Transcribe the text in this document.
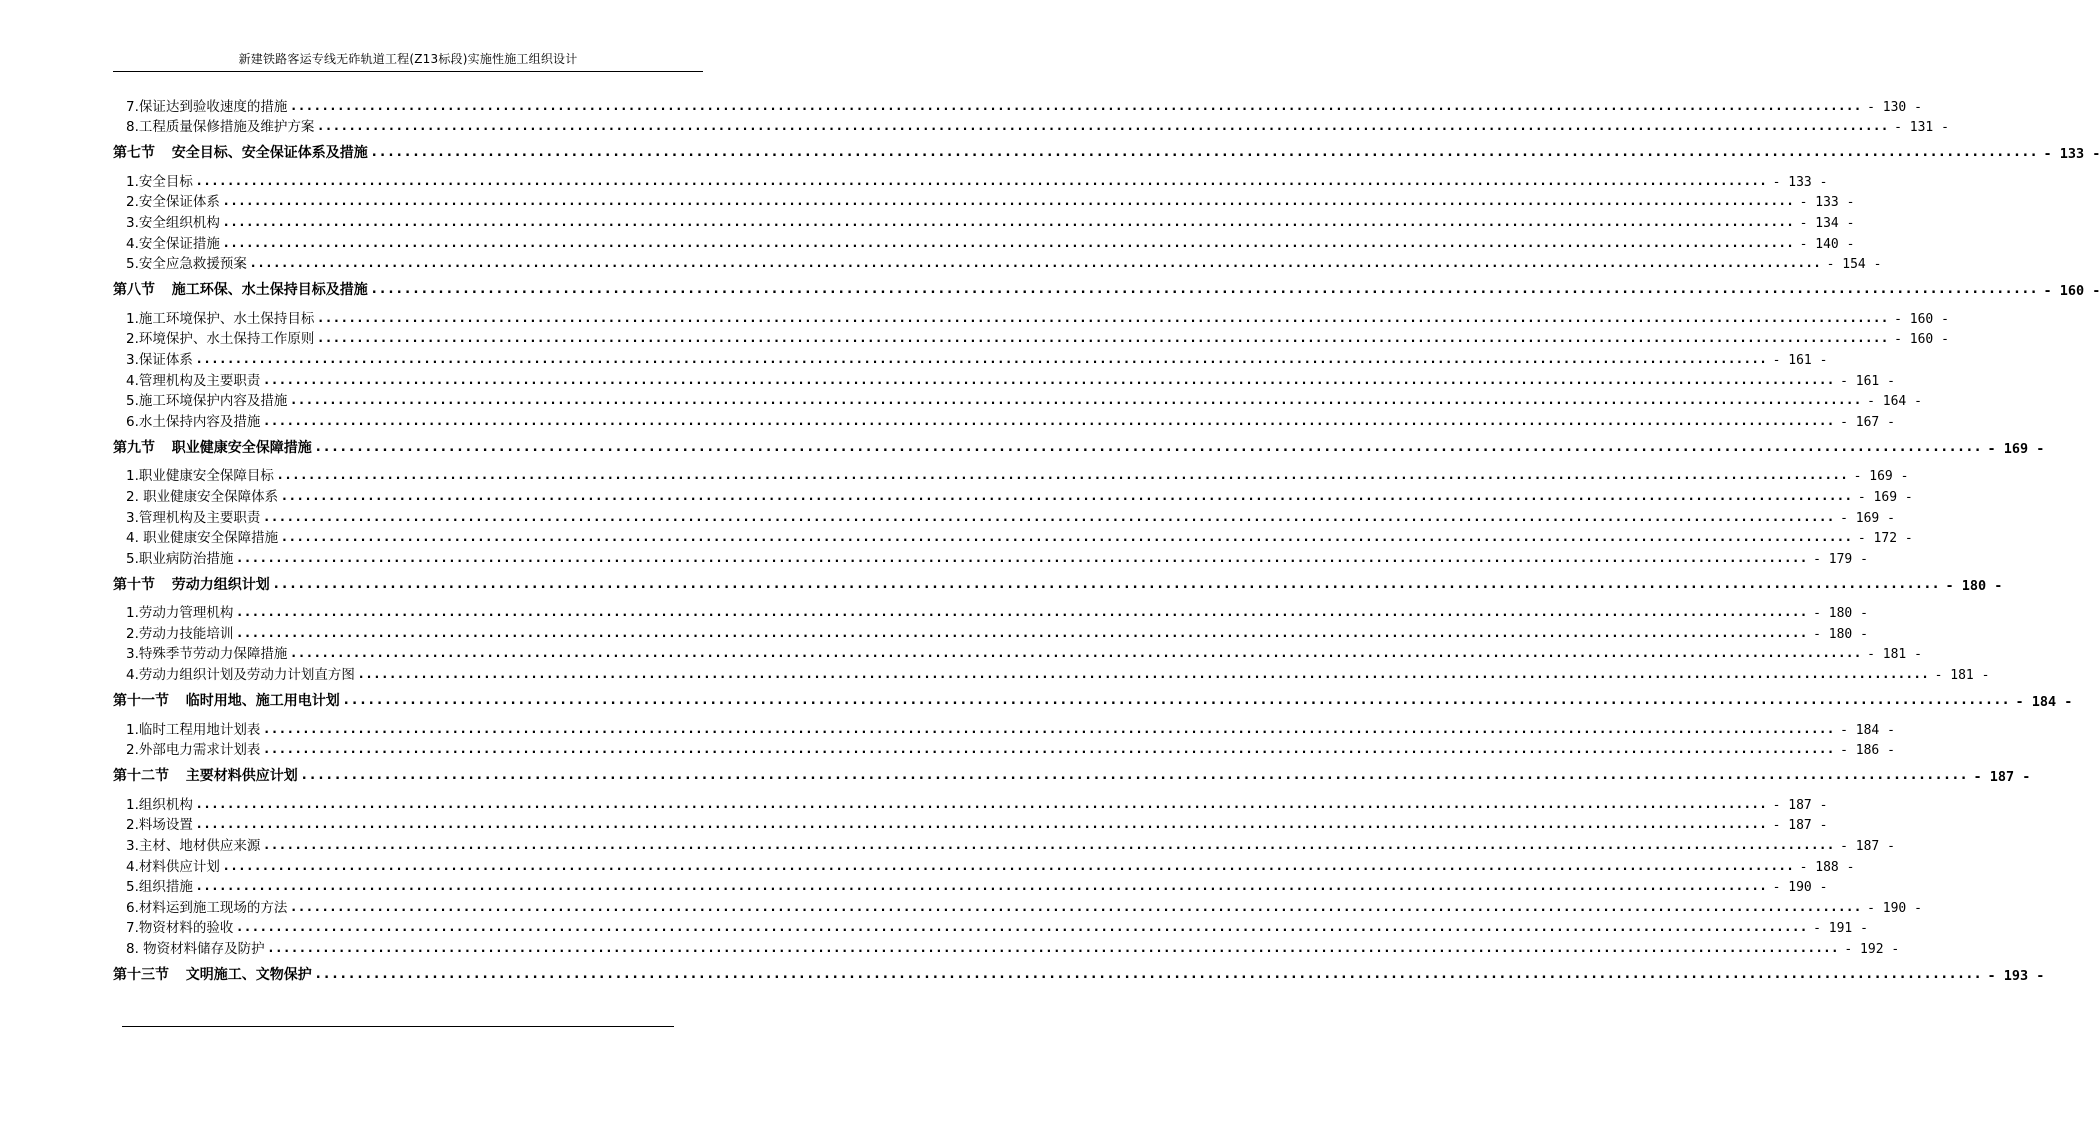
新建铁路客运专线无砟轨道工程(Z13标段)实施性施工组织设计
7.保证达到验收速度的措施 ........................................................................................................................................................................................................ - 130 -
8.工程质量保修措施及维护方案 ........................................................................................................................................................................................................ - 131 -
第七节 安全目标、安全保证体系及措施 ........................................................................................................................................................................................................ - 133 -
1.安全目标 ........................................................................................................................................................................................................ - 133 -
2.安全保证体系 ........................................................................................................................................................................................................ - 133 -
3.安全组织机构 ........................................................................................................................................................................................................ - 134 -
4.安全保证措施 ........................................................................................................................................................................................................ - 140 -
5.安全应急救援预案 ........................................................................................................................................................................................................ - 154 -
第八节 施工环保、水土保持目标及措施 ........................................................................................................................................................................................................ - 160 -
1.施工环境保护、水土保持目标 ........................................................................................................................................................................................................ - 160 -
2.环境保护、水土保持工作原则 ........................................................................................................................................................................................................ - 160 -
3.保证体系 ........................................................................................................................................................................................................ - 161 -
4.管理机构及主要职责 ........................................................................................................................................................................................................ - 161 -
5.施工环境保护内容及措施 ........................................................................................................................................................................................................ - 164 -
6.水土保持内容及措施 ........................................................................................................................................................................................................ - 167 -
第九节 职业健康安全保障措施 ........................................................................................................................................................................................................ - 169 -
1.职业健康安全保障目标 ........................................................................................................................................................................................................ - 169 -
2. 职业健康安全保障体系 ........................................................................................................................................................................................................ - 169 -
3.管理机构及主要职责 ........................................................................................................................................................................................................ - 169 -
4. 职业健康安全保障措施 ........................................................................................................................................................................................................ - 172 -
5.职业病防治措施 ........................................................................................................................................................................................................ - 179 -
第十节 劳动力组织计划 ........................................................................................................................................................................................................ - 180 -
1.劳动力管理机构 ........................................................................................................................................................................................................ - 180 -
2.劳动力技能培训 ........................................................................................................................................................................................................ - 180 -
3.特殊季节劳动力保障措施 ........................................................................................................................................................................................................ - 181 -
4.劳动力组织计划及劳动力计划直方图 ........................................................................................................................................................................................................ - 181 -
第十一节 临时用地、施工用电计划 ........................................................................................................................................................................................................ - 184 -
1.临时工程用地计划表 ........................................................................................................................................................................................................ - 184 -
2.外部电力需求计划表 ........................................................................................................................................................................................................ - 186 -
第十二节 主要材料供应计划 ........................................................................................................................................................................................................ - 187 -
1.组织机构 ........................................................................................................................................................................................................ - 187 -
2.料场设置 ........................................................................................................................................................................................................ - 187 -
3.主材、地材供应来源 ........................................................................................................................................................................................................ - 187 -
4.材料供应计划 ........................................................................................................................................................................................................ - 188 -
5.组织措施 ........................................................................................................................................................................................................ - 190 -
6.材料运到施工现场的方法 ........................................................................................................................................................................................................ - 190 -
7.物资材料的验收 ........................................................................................................................................................................................................ - 191 -
8. 物资材料储存及防护 ........................................................................................................................................................................................................ - 192 -
第十三节 文明施工、文物保护 ........................................................................................................................................................................................................ - 193 -
